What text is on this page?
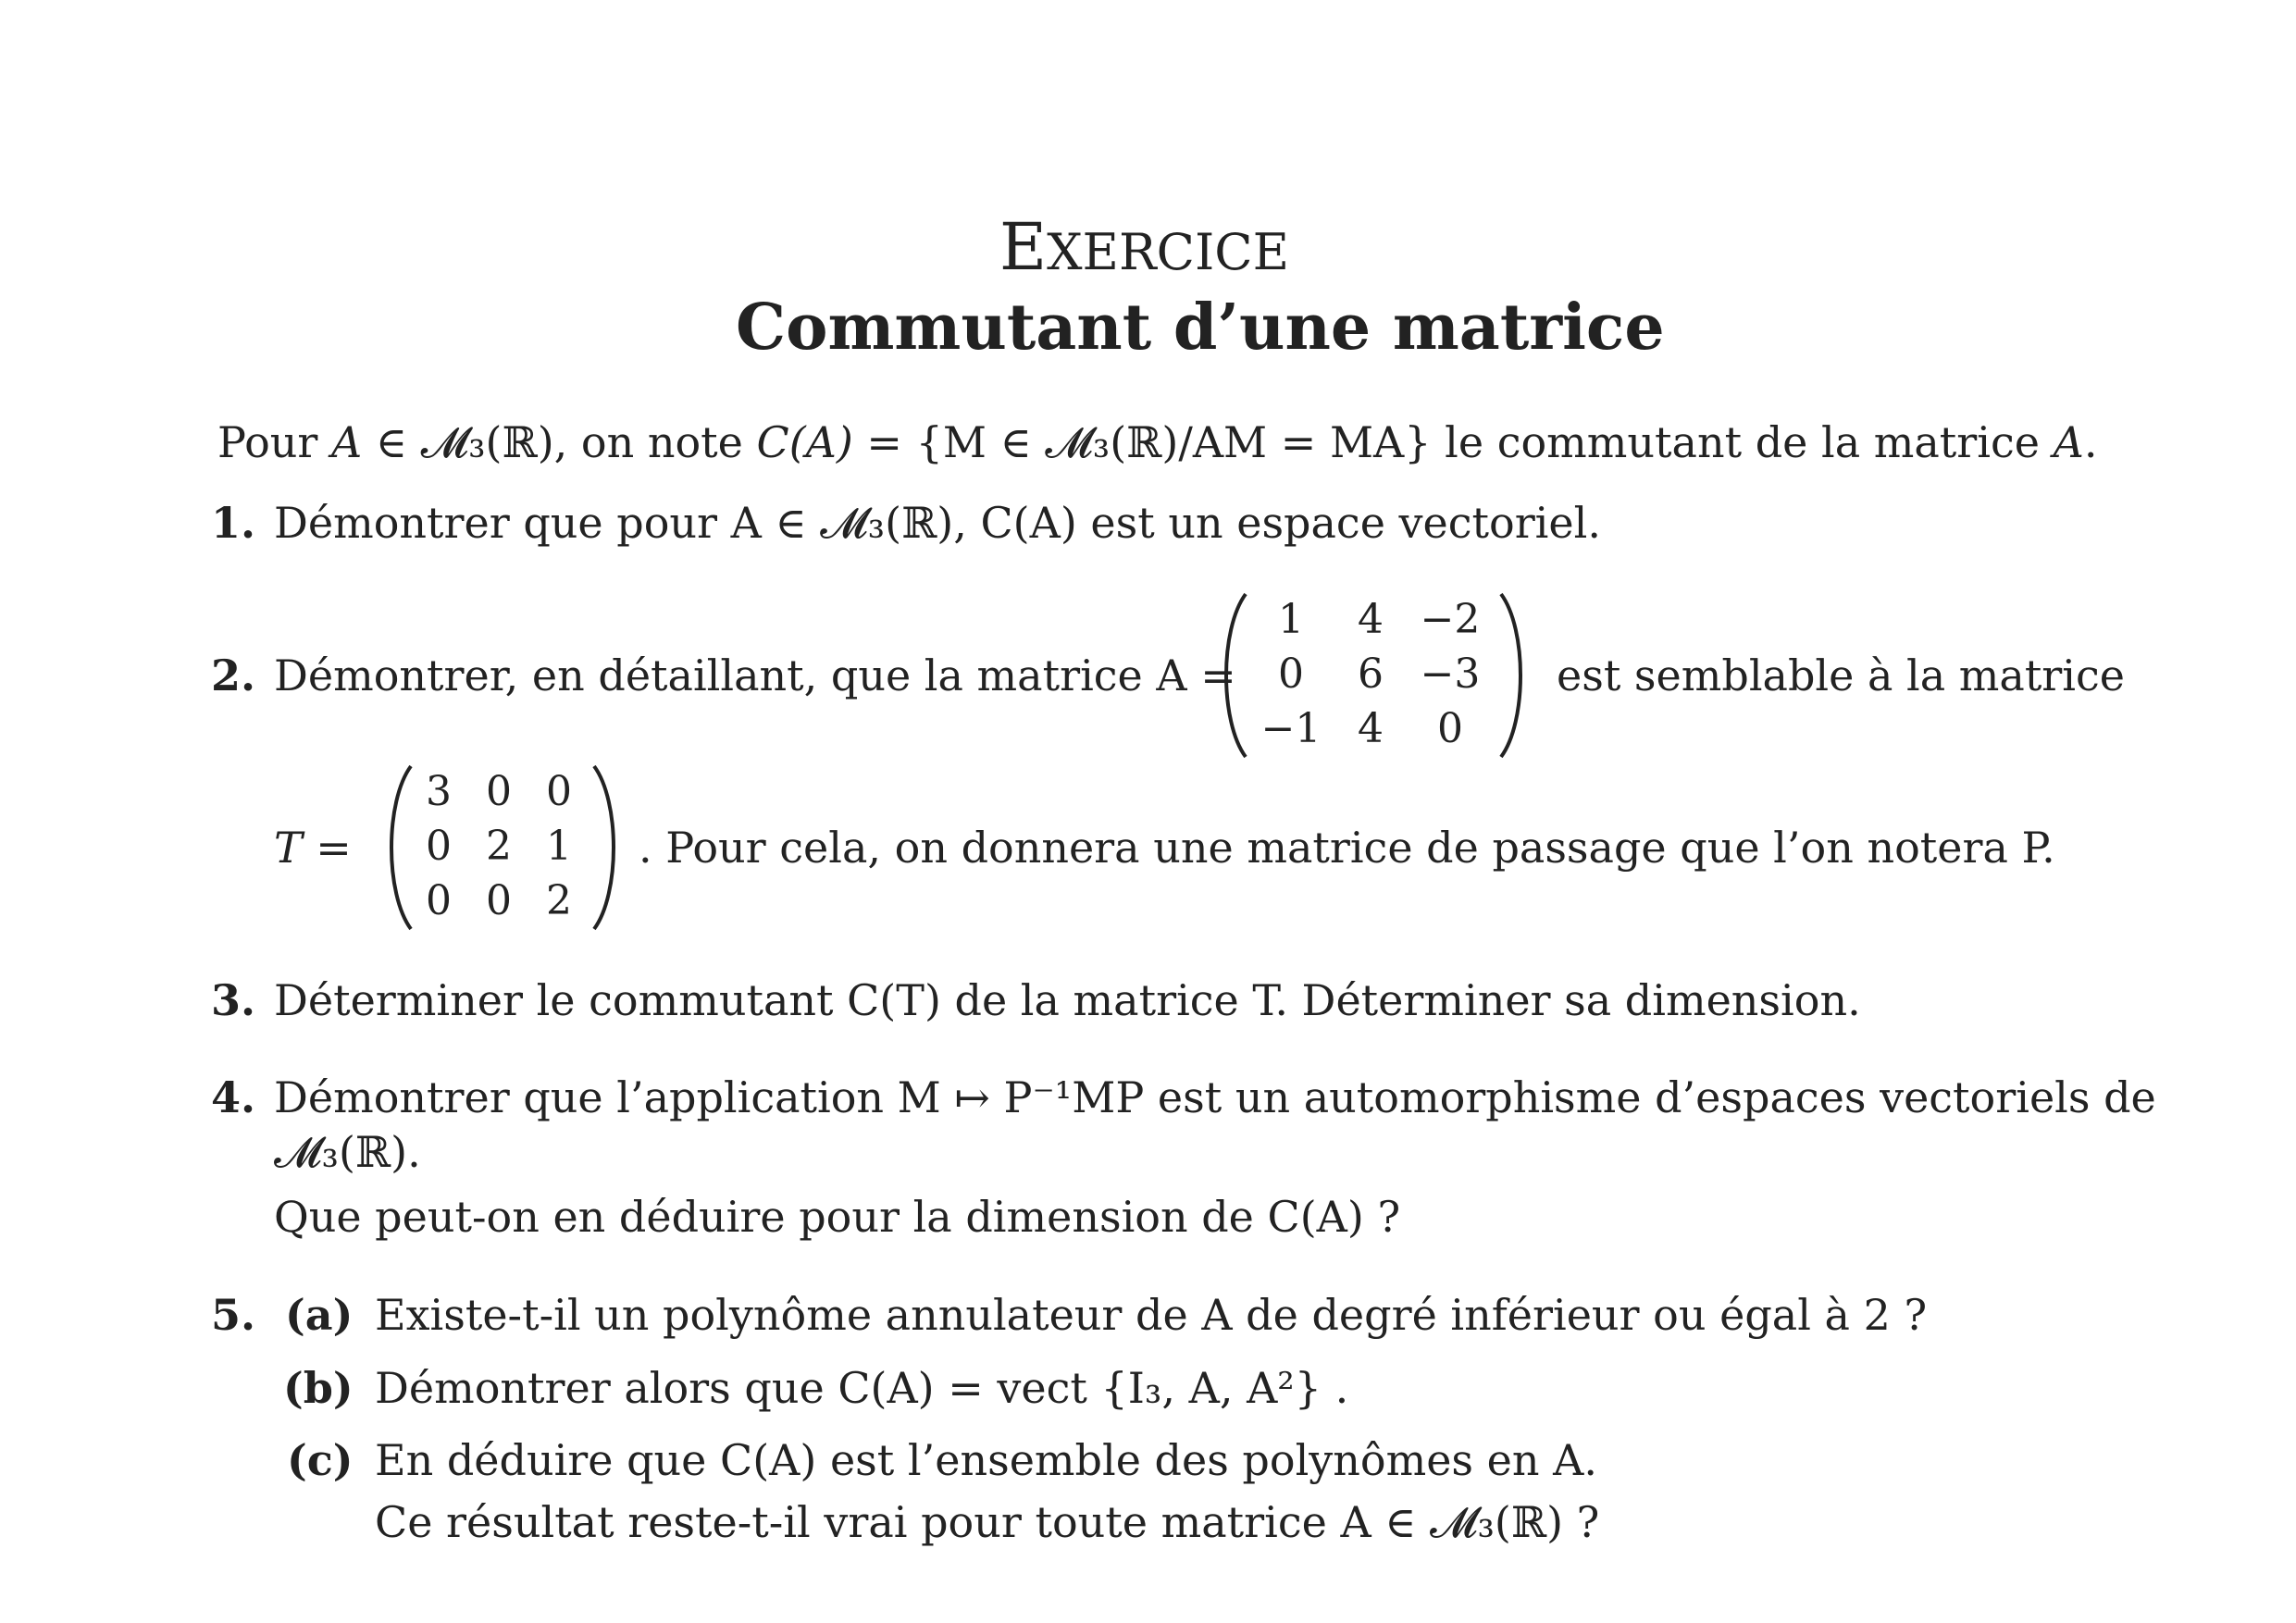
EXERCICE
Commutant d’une matrice
Pour A ∈ 𝓜₃(ℝ), on note C(A) = {M ∈ 𝓜₃(ℝ)/AM = MA} le commutant de la matrice A.
1. Démontrer que pour A ∈ 𝓜₃(ℝ), C(A) est un espace vectoriel.
2. Démontrer, en détaillant, que la matrice A =
1	4 −2
0	6 −3
−1 4	0
est semblable à la matrice
T =
3 0 0
0 2 1
0 0 2
. Pour cela, on donnera une matrice de passage que l’on notera P.
3. Déterminer le commutant C(T) de la matrice T. Déterminer sa dimension.
4. Démontrer que l’application M ↦ P⁻¹MP est un automorphisme d’espaces vectoriels de
𝓜₃(ℝ).
Que peut-on en déduire pour la dimension de C(A) ?
5. (a) Existe-t-il un polynôme annulateur de A de degré inférieur ou égal à 2 ?
(b) Démontrer alors que C(A) = vect {I₃, A, A²} .
(c) En déduire que C(A) est l’ensemble des polynômes en A.
Ce résultat reste-t-il vrai pour toute matrice A ∈ 𝓜₃(ℝ) ?
